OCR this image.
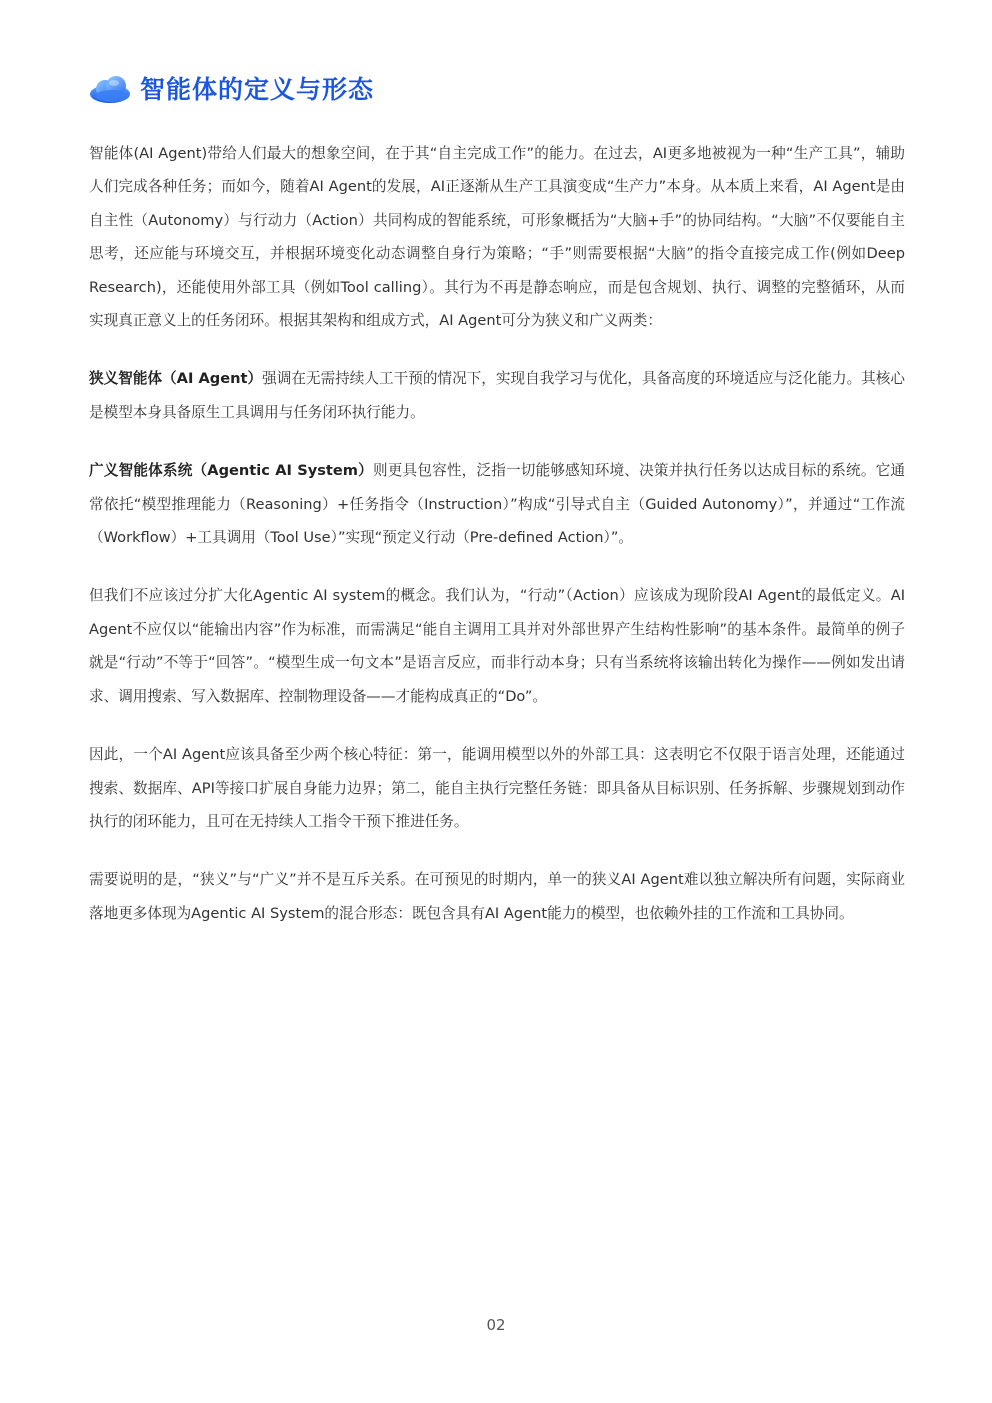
智能体的定义与形态

智能体(AI Agent)带给人们最大的想象空间，在于其“自主完成工作”的能力。在过去，AI更多地被视为一种“生产工具”，辅助人们完成各种任务；而如今，随着AI Agent的发展，AI正逐渐从生产工具演变成“生产力”本身。从本质上来看，AI Agent是由自主性（Autonomy）与行动力（Action）共同构成的智能系统，可形象概括为“大脑+手”的协同结构。“大脑”不仅要能自主思考，还应能与环境交互，并根据环境变化动态调整自身行为策略；“手”则需要根据“大脑”的指令直接完成工作(例如Deep Research)，还能使用外部工具（例如Tool calling）。其行为不再是静态响应，而是包含规划、执行、调整的完整循环，从而实现真正意义上的任务闭环。根据其架构和组成方式，AI Agent可分为狭义和广义两类：

狭义智能体（AI Agent）强调在无需持续人工干预的情况下，实现自我学习与优化，具备高度的环境适应与泛化能力。其核心是模型本身具备原生工具调用与任务闭环执行能力。

广义智能体系统（Agentic AI System）则更具包容性，泛指一切能够感知环境、决策并执行任务以达成目标的系统。它通常依托“模型推理能力（Reasoning）+任务指令（Instruction）”构成“引导式自主（Guided Autonomy）”，并通过“工作流（Workflow）+工具调用（Tool Use）”实现“预定义行动（Pre-defined Action）”。

但我们不应该过分扩大化Agentic AI system的概念。我们认为，“行动”（Action）应该成为现阶段AI Agent的最低定义。AI Agent不应仅以“能输出内容”作为标准，而需满足“能自主调用工具并对外部世界产生结构性影响”的基本条件。最简单的例子就是“行动”不等于“回答”。“模型生成一句文本”是语言反应，而非行动本身；只有当系统将该输出转化为操作——例如发出请求、调用搜索、写入数据库、控制物理设备——才能构成真正的“Do”。

因此，一个AI Agent应该具备至少两个核心特征：第一，能调用模型以外的外部工具：这表明它不仅限于语言处理，还能通过搜索、数据库、API等接口扩展自身能力边界；第二，能自主执行完整任务链：即具备从目标识别、任务拆解、步骤规划到动作执行的闭环能力，且可在无持续人工指令干预下推进任务。

需要说明的是，“狭义”与“广义”并不是互斥关系。在可预见的时期内，单一的狭义AI Agent难以独立解决所有问题，实际商业落地更多体现为Agentic AI System的混合形态：既包含具有AI Agent能力的模型，也依赖外挂的工作流和工具协同。

02
